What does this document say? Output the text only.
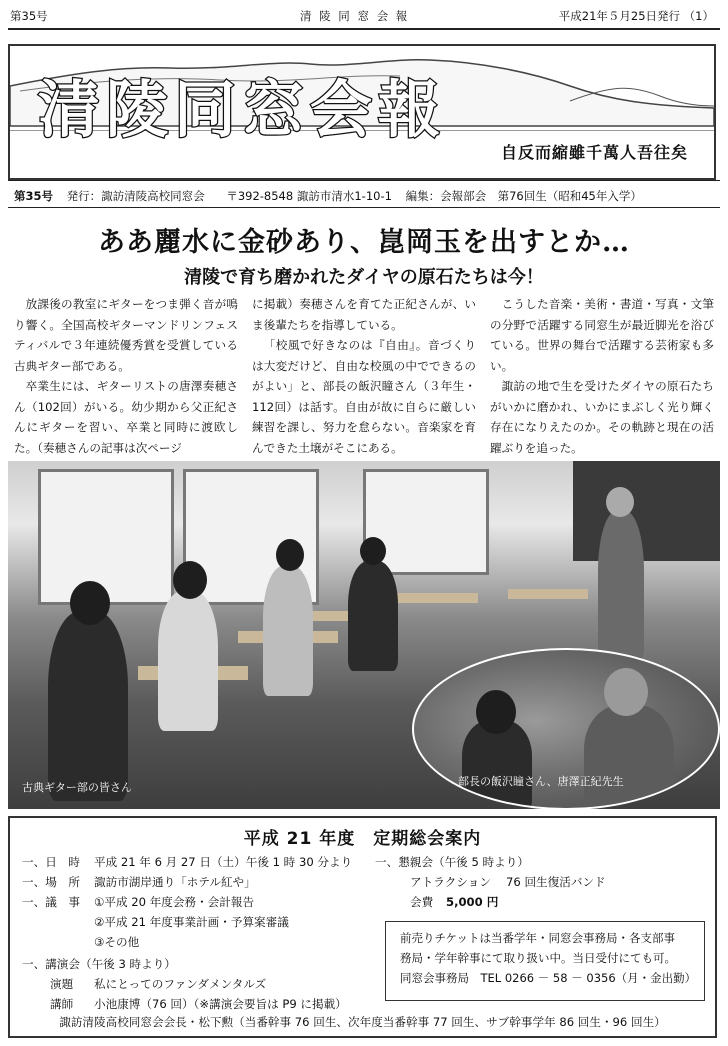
第35号	清 陵 同 窓 会 報	平成21年５月25日発行 （1）
清陵同窓会報
自反而縮雖千萬人吾往矣
第35号 発行：諏訪清陵高校同窓会 〒392-8548 諏訪市清水1-10-1 編集：会報部会　第76回生（昭和45年入学）
ああ麗水に金砂あり、崑岡玉を出すとか…
清陵で育ち磨かれたダイヤの原石たちは今！

放課後の教室にギターをつま弾く音が鳴り響く。全国高校ギターマンドリンフェスティバルで３年連続優秀賞を受賞している古典ギター部である。

卒業生には、ギターリストの唐澤奏穂さん（102回）がいる。幼少期から父正紀さんにギターを習い、卒業と同時に渡欧した。（奏穂さんの記事は次ページ

に掲載）奏穂さんを育てた正紀さんが、いま後輩たちを指導している。

「校風で好きなのは『自由』。音づくりは大変だけど、自由な校風の中でできるのがよい」と、部長の飯沢瞳さん（３年生・112回）は話す。自由が故に自らに厳しい練習を課し、努力を怠らない。音楽家を育んできた土壌がそこにある。

こうした音楽・美術・書道・写真・文筆の分野で活躍する同窓生が最近脚光を浴びている。世界の舞台で活躍する芸術家も多い。

諏訪の地で生を受けたダイヤの原石たちがいかに磨かれ、いかにまぶしく光り輝く存在になりえたのか。その軌跡と現在の活躍ぶりを追った。

古典ギター部の皆さん	部長の飯沢瞳さん、唐澤正紀先生
平成 21 年度　定期総会案内
一、日　時 平成 21 年 6 月 27 日（土）午後 1 時 30 分より
一、場　所 諏訪市湖岸通り「ホテル紅や」
一、議　事 ①平成 20 年度会務・会計報告
②平成 21 年度事業計画・予算案審議
③その他
一、講演会（午後 3 時より）
演題 私にとってのファンダメンタルズ
講師 小池康博（76 回）（※講演会要旨は P9 に掲載）
一、懇親会（午後 5 時より）
アトラクション 76 回生復活バンド
会費 5,000 円
前売りチケットは当番学年・同窓会事務局・各支部事
務局・学年幹事にて取り扱い中。当日受付にても可。
同窓会事務局　TEL 0266 － 58 － 0356（月・金出勤）
諏訪清陵高校同窓会会長・松下勲（当番幹事 76 回生、次年度当番幹事 77 回生、サブ幹事学年 86 回生・96 回生）
